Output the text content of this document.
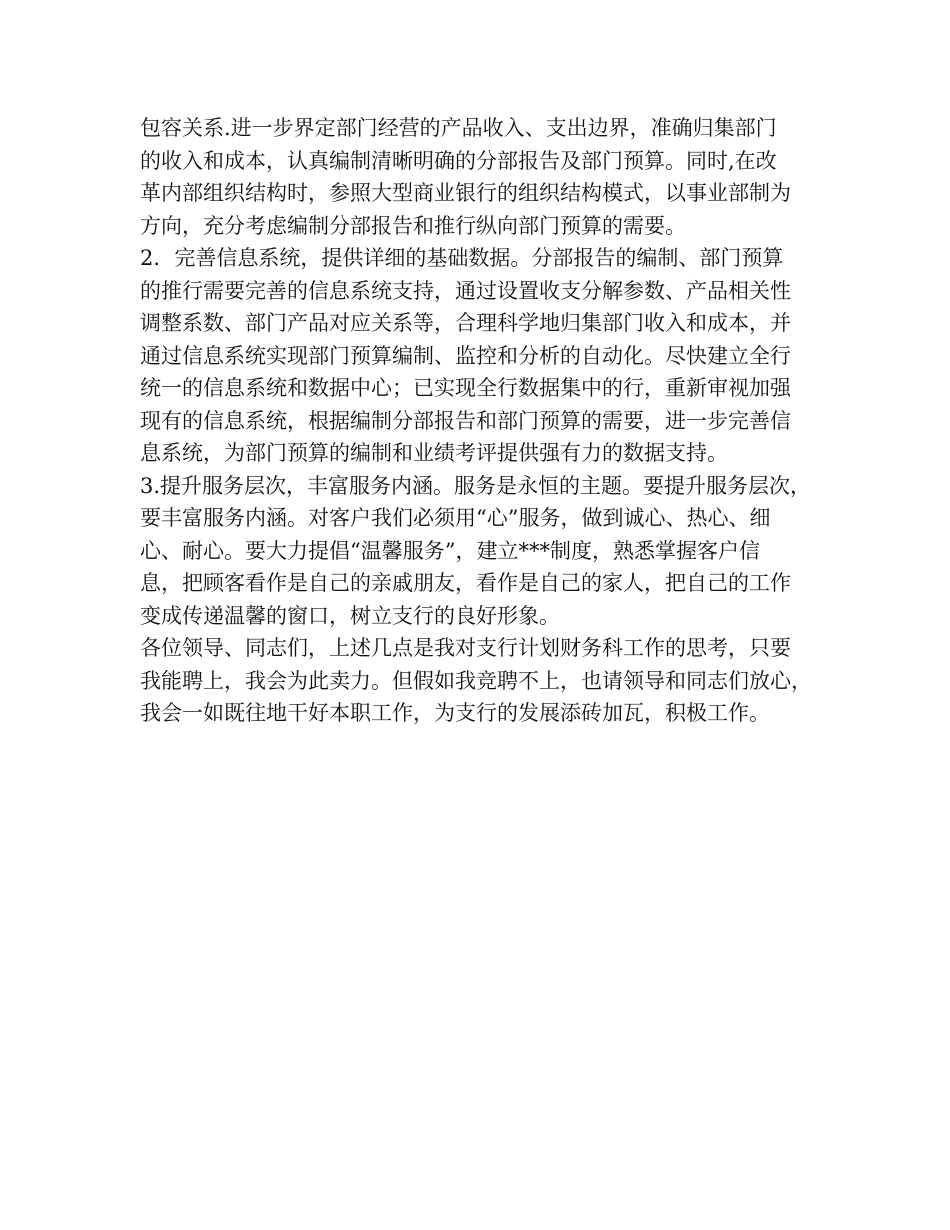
包容关系.进一步界定部门经营的产品收入、支出边界，准确归集部门
的收入和成本，认真编制清晰明确的分部报告及部门预算。同时,在改
革内部组织结构时，参照大型商业银行的组织结构模式，以事业部制为
方向，充分考虑编制分部报告和推行纵向部门预算的需要。
2．完善信息系统，提供详细的基础数据。分部报告的编制、部门预算
的推行需要完善的信息系统支持，通过设置收支分解参数、产品相关性
调整系数、部门产品对应关系等，合理科学地归集部门收入和成本，并
通过信息系统实现部门预算编制、监控和分析的自动化。尽快建立全行
统一的信息系统和数据中心；已实现全行数据集中的行，重新审视加强
现有的信息系统，根据编制分部报告和部门预算的需要，进一步完善信
息系统，为部门预算的编制和业绩考评提供强有力的数据支持。
3.提升服务层次，丰富服务内涵。服务是永恒的主题。要提升服务层次，
要丰富服务内涵。对客户我们必须用“心”服务，做到诚心、热心、细
心、耐心。要大力提倡“温馨服务”，建立***制度，熟悉掌握客户信
息，把顾客看作是自己的亲戚朋友，看作是自己的家人，把自己的工作
变成传递温馨的窗口，树立支行的良好形象。
各位领导、同志们，上述几点是我对支行计划财务科工作的思考，只要
我能聘上，我会为此卖力。但假如我竞聘不上，也请领导和同志们放心，
我会一如既往地干好本职工作，为支行的发展添砖加瓦，积极工作。
